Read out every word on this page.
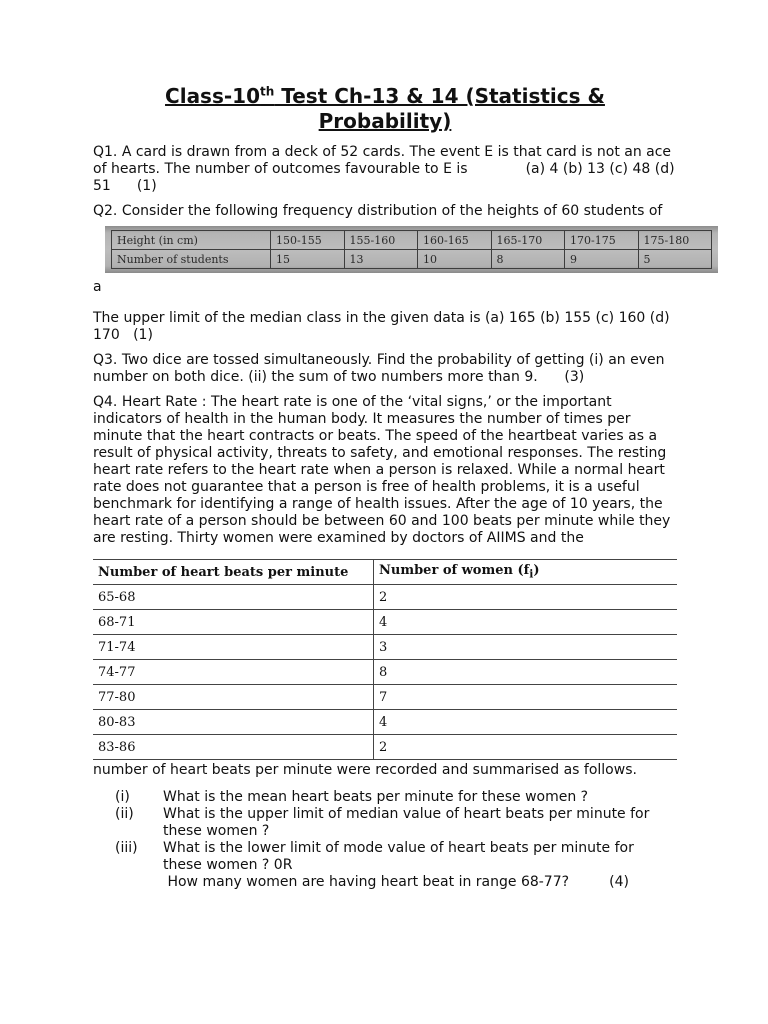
Class-10th Test Ch-13 & 14 (Statistics &
Probability)

Q1. A card is drawn from a deck of 52 cards. The event E is that card is not an ace of hearts. The number of outcomes favourable to E is	(a) 4 (b) 13 (c) 48 (d) 51 (1)

Q2. Consider the following frequency distribution of the heights of 60 students of

Height (in cm)	150-155	155-160	160-165	165-170	170-175	175-180
Number of students	15	13	10	8	9	5

a

The upper limit of the median class in the given data is (a) 165 (b) 155 (c) 160 (d) 170 (1)

Q3. Two dice are tossed simultaneously. Find the probability of getting (i) an even number on both dice. (ii) the sum of two numbers more than 9. (3)

Q4. Heart Rate : The heart rate is one of the ‘vital signs,’ or the important indicators of health in the human body. It measures the number of times per minute that the heart contracts or beats. The speed of the heartbeat varies as a result of physical activity, threats to safety, and emotional responses. The resting heart rate refers to the heart rate when a person is relaxed. While a normal heart rate does not guarantee that a person is free of health problems, it is a useful benchmark for identifying a range of health issues. After the age of 10 years, the heart rate of a person should be between 60 and 100 beats per minute while they are resting. Thirty women were examined by doctors of AIIMS and the

Number of heart beats per minute	Number of women $(f_i)$
65-68	2
68-71	4
71-74	3
74-77	8
77-80	7
80-83	4
83-86	2

number of heart beats per minute were recorded and summarised as follows.

(i)	What is the mean heart beats per minute for these women ?
(ii)	What is the upper limit of median value of heart beats per minute for these women ?
(iii)	What is the lower limit of mode value of heart beats per minute for these women ? 0R
How many women are having heart beat in range 68-77?	(4)
